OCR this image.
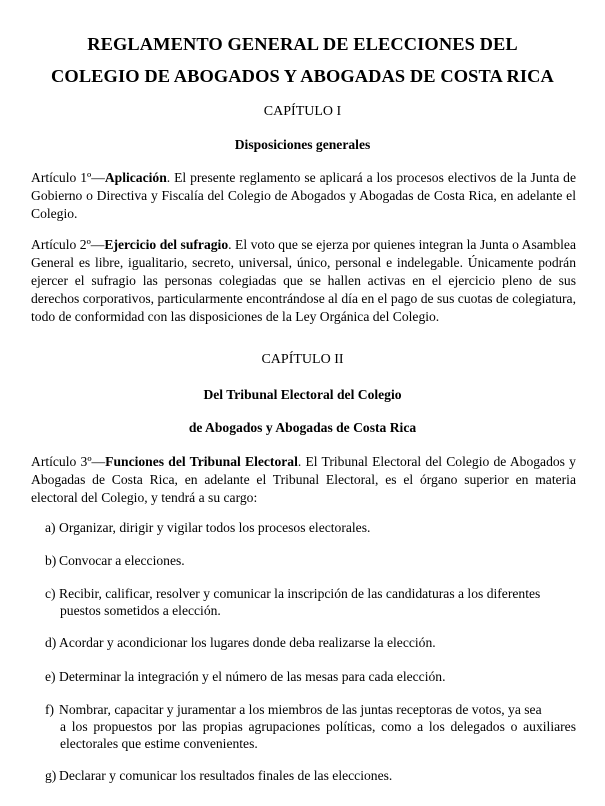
REGLAMENTO GENERAL DE ELECCIONES DEL
COLEGIO DE ABOGADOS Y ABOGADAS DE COSTA RICA
CAPÍTULO I
Disposiciones generales
Artículo 1º—Aplicación. El presente reglamento se aplicará a los procesos electivos de la Junta de Gobierno o Directiva y Fiscalía del Colegio de Abogados y Abogadas de Costa Rica, en adelante el Colegio.
Artículo 2º—Ejercicio del sufragio. El voto que se ejerza por quienes integran la Junta o Asamblea General es libre, igualitario, secreto, universal, único, personal e indelegable. Únicamente podrán ejercer el sufragio las personas colegiadas que se hallen activas en el ejercicio pleno de sus derechos corporativos, particularmente encontrándose al día en el pago de sus cuotas de colegiatura, todo de conformidad con las disposiciones de la Ley Orgánica del Colegio.
CAPÍTULO II
Del Tribunal Electoral del Colegio
de Abogados y Abogadas de Costa Rica
Artículo 3º—Funciones del Tribunal Electoral. El Tribunal Electoral del Colegio de Abogados y Abogadas de Costa Rica, en adelante el Tribunal Electoral, es el órgano superior en materia electoral del Colegio, y tendrá a su cargo:
a) Organizar, dirigir y vigilar todos los procesos electorales.
b) Convocar a elecciones.
c) Recibir, calificar, resolver y comunicar la inscripción de las candidaturas a los diferentes
puestos sometidos a elección.
d) Acordar y acondicionar los lugares donde deba realizarse la elección.
e) Determinar la integración y el número de las mesas para cada elección.
f) Nombrar, capacitar y juramentar a los miembros de las juntas receptoras de votos, ya sea
a los propuestos por las propias agrupaciones políticas, como a los delegados o auxiliares electorales que estime convenientes.
g) Declarar y comunicar los resultados finales de las elecciones.
